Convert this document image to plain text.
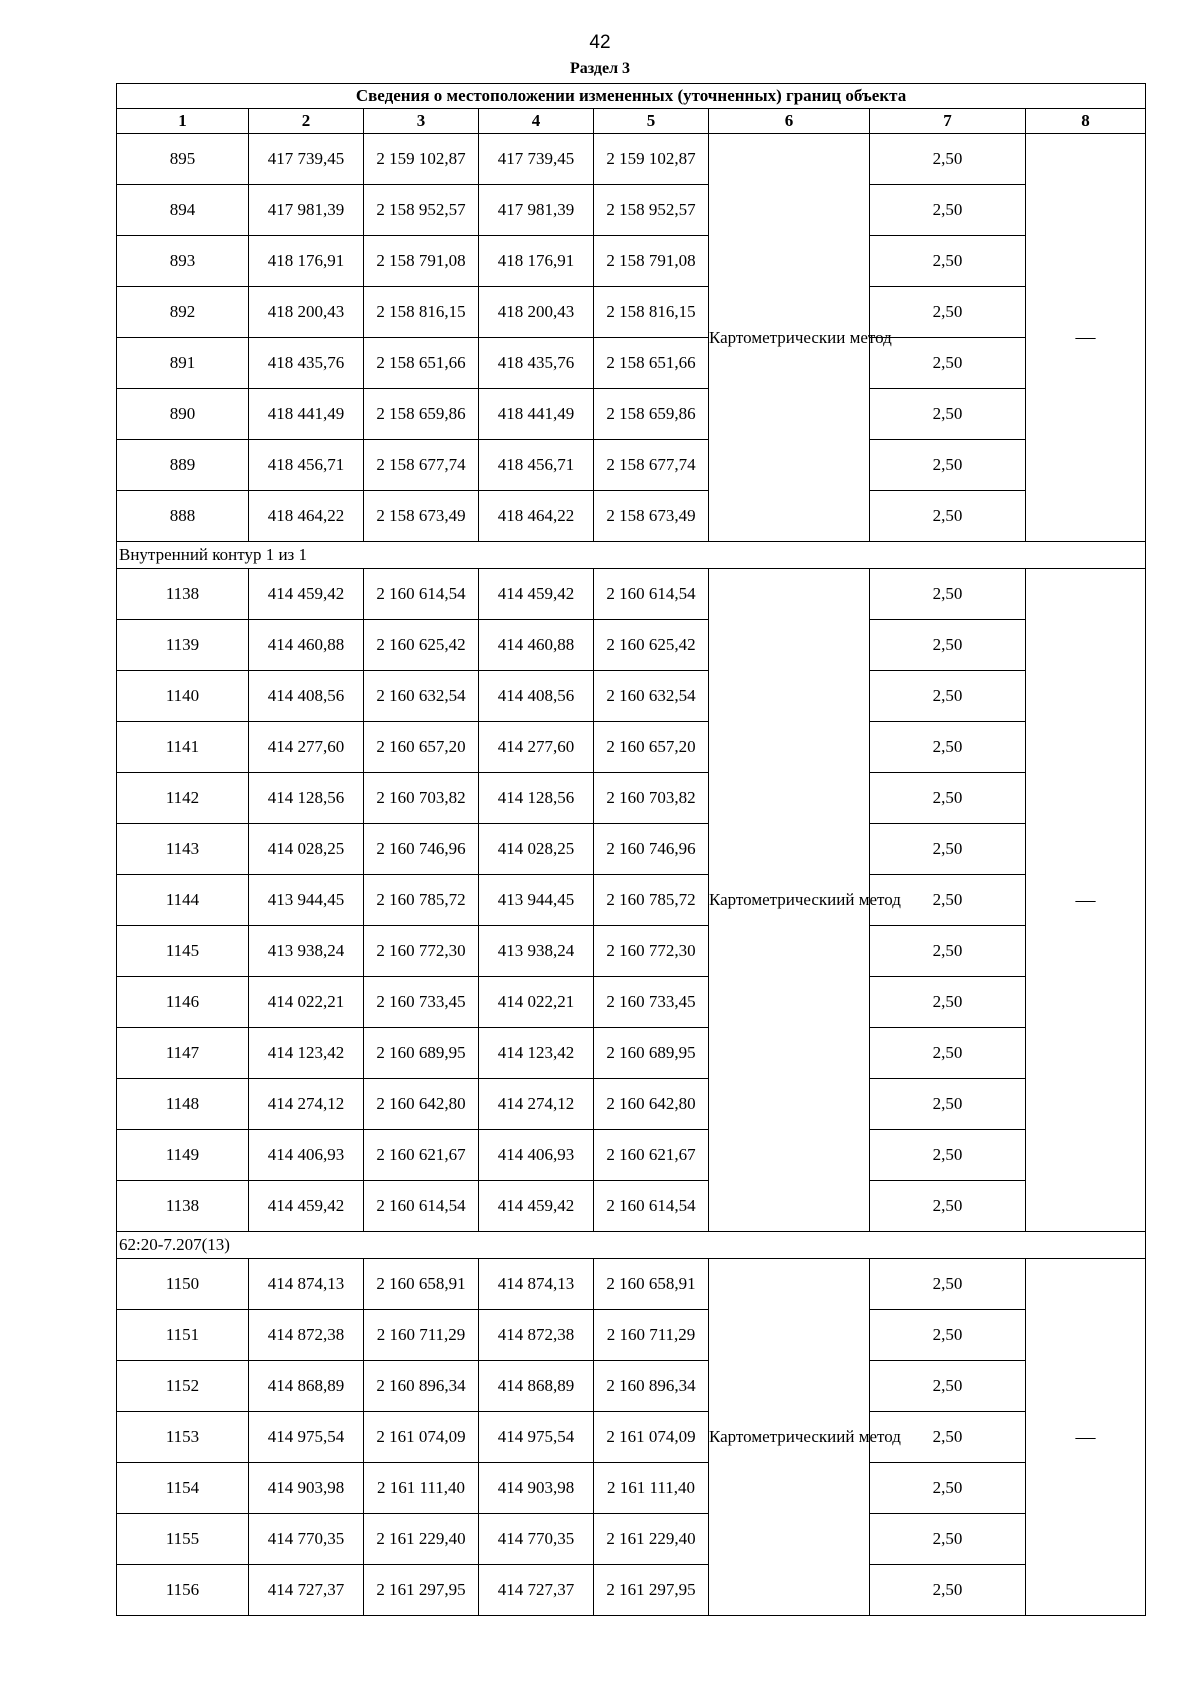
42
Раздел 3
Сведения о местоположении измененных (уточненных) границ объекта							
1	2	3	4	5	6	7	8
895	417 739,45	2 159 102,87	417 739,45	2 159 102,87	Картометрическии метод	2,50	—
894	417 981,39	2 158 952,57	417 981,39	2 158 952,57		2,50	
893	418 176,91	2 158 791,08	418 176,91	2 158 791,08		2,50	
892	418 200,43	2 158 816,15	418 200,43	2 158 816,15		2,50	
891	418 435,76	2 158 651,66	418 435,76	2 158 651,66		2,50	
890	418 441,49	2 158 659,86	418 441,49	2 158 659,86		2,50	
889	418 456,71	2 158 677,74	418 456,71	2 158 677,74		2,50	
888	418 464,22	2 158 673,49	418 464,22	2 158 673,49		2,50	
Внутренний контур 1 из 1							
1138	414 459,42	2 160 614,54	414 459,42	2 160 614,54	Картометрическиий метод	2,50	—
1139	414 460,88	2 160 625,42	414 460,88	2 160 625,42		2,50	
1140	414 408,56	2 160 632,54	414 408,56	2 160 632,54		2,50	
1141	414 277,60	2 160 657,20	414 277,60	2 160 657,20		2,50	
1142	414 128,56	2 160 703,82	414 128,56	2 160 703,82		2,50	
1143	414 028,25	2 160 746,96	414 028,25	2 160 746,96		2,50	
1144	413 944,45	2 160 785,72	413 944,45	2 160 785,72		2,50	
1145	413 938,24	2 160 772,30	413 938,24	2 160 772,30		2,50	
1146	414 022,21	2 160 733,45	414 022,21	2 160 733,45		2,50	
1147	414 123,42	2 160 689,95	414 123,42	2 160 689,95		2,50	
1148	414 274,12	2 160 642,80	414 274,12	2 160 642,80		2,50	
1149	414 406,93	2 160 621,67	414 406,93	2 160 621,67		2,50	
1138	414 459,42	2 160 614,54	414 459,42	2 160 614,54		2,50	
62:20-7.207(13)							
1150	414 874,13	2 160 658,91	414 874,13	2 160 658,91	Картометрическиий метод	2,50	—
1151	414 872,38	2 160 711,29	414 872,38	2 160 711,29		2,50	
1152	414 868,89	2 160 896,34	414 868,89	2 160 896,34		2,50	
1153	414 975,54	2 161 074,09	414 975,54	2 161 074,09		2,50	
1154	414 903,98	2 161 111,40	414 903,98	2 161 111,40		2,50	
1155	414 770,35	2 161 229,40	414 770,35	2 161 229,40		2,50	
1156	414 727,37	2 161 297,95	414 727,37	2 161 297,95		2,50	
